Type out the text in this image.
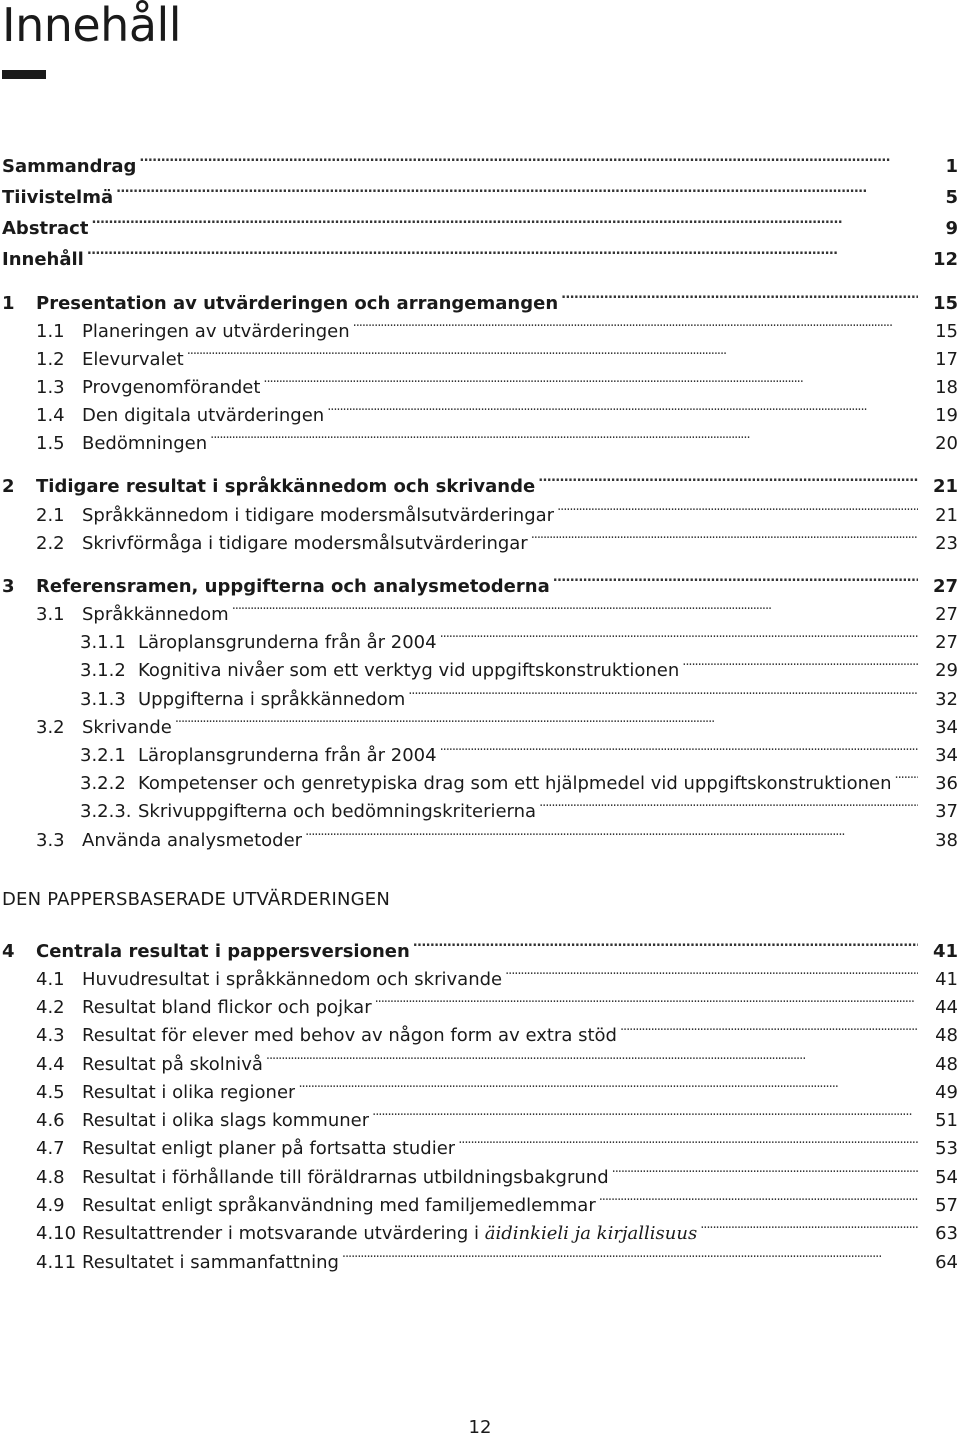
Innehåll
Sammandrag . . .	1
Tiivistelmä . . .	5
Abstract . . .	9
Innehåll . . .	12
1	Presentation av utvärderingen och arrangemangen . . .	15
1.1 Planeringen av utvärderingen . . .	15
1.2 Elevurvalet . . .	17
1.3 Provgenomförandet . . .	18
1.4 Den digitala utvärderingen . . .	19
1.5 Bedömningen . . .	20
2	Tidigare resultat i språkkännedom och skrivande . . .	21
2.1 Språkkännedom i tidigare modersmålsutvärderingar . . .	21
2.2 Skrivförmåga i tidigare modersmålsutvärderingar . . .	23
3	Referensramen, uppgifterna och analysmetoderna . . .	27
3.1 Språkkännedom . . .	27
3.1.1 Läroplansgrunderna från år 2004 . . .	27
3.1.2 Kognitiva nivåer som ett verktyg vid uppgiftskonstruktionen . . .	29
3.1.3 Uppgifterna i språkkännedom . . .	32
3.2 Skrivande . . .	34
3.2.1 Läroplansgrunderna från år 2004 . . .	34
3.2.2 Kompetenser och genretypiska drag som ett hjälpmedel vid uppgiftskonstruktionen . . .	36
3.2.3. Skrivuppgifterna och bedömningskriterierna . . .	37
3.3 Använda analysmetoder . . .	38
4	Centrala resultat i pappersversionen . . .	41
4.1 Huvudresultat i språkkännedom och skrivande . . .	41
4.2 Resultat bland flickor och pojkar . . .	44
4.3 Resultat för elever med behov av någon form av extra stöd . . .	48
4.4 Resultat på skolnivå . . .	48
4.5 Resultat i olika regioner . . .	49
4.6 Resultat i olika slags kommuner . . .	51
4.7 Resultat enligt planer på fortsatta studier . . .	53
4.8 Resultat i förhållande till föräldrarnas utbildningsbakgrund . . .	54
4.9 Resultat enligt språkanvändning med familjemedlemmar . . .	57
4.10 Resultattrender i motsvarande utvärdering i äidinkieli ja kirjallisuus . . .	63
4.11 Resultatet i sammanfattning . . .	64
DEN PAPPERSBASERADE UTVÄRDERINGEN
12
